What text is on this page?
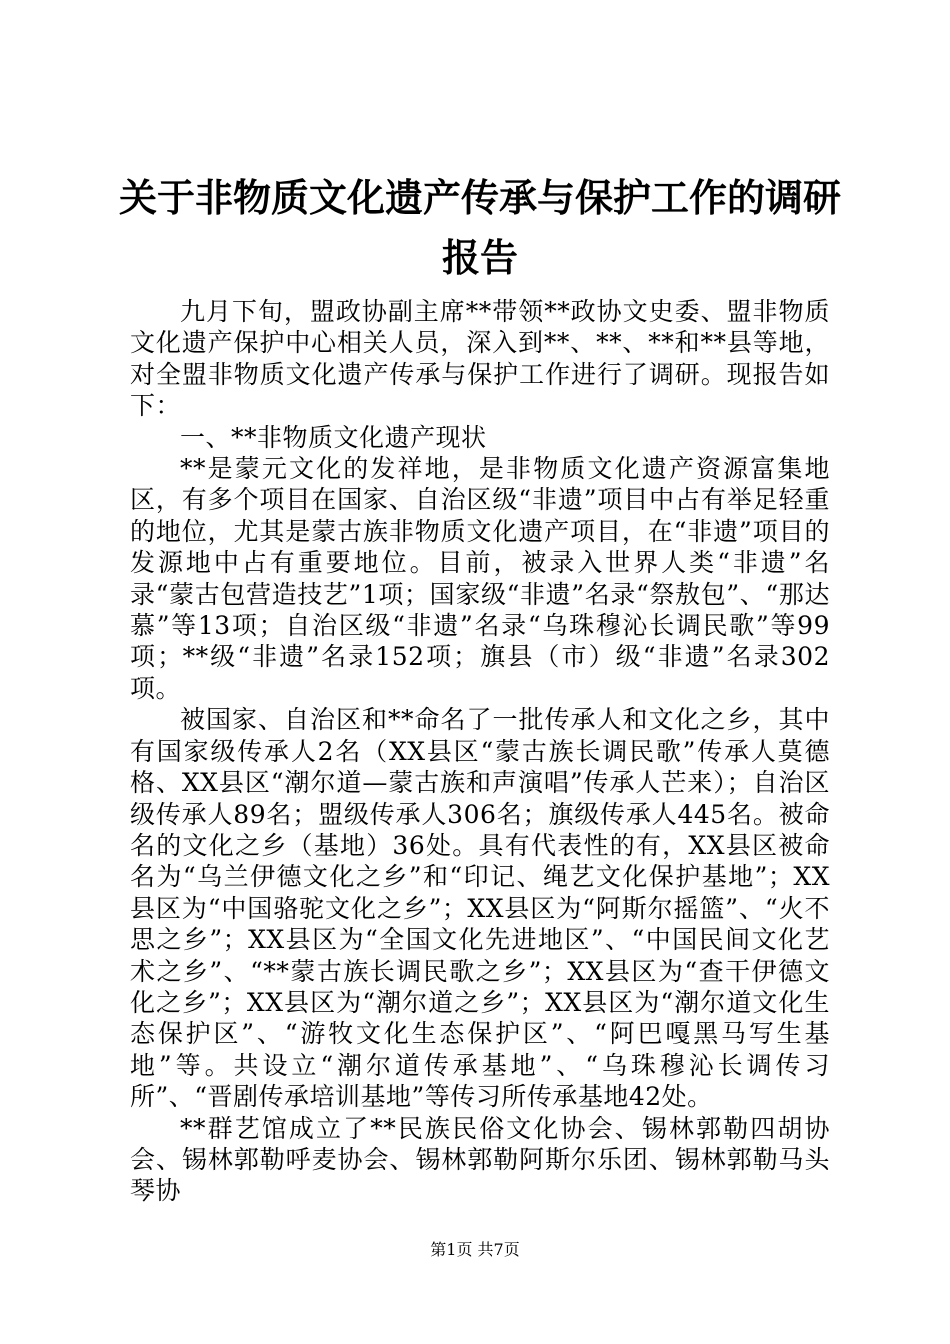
关于非物质文化遗产传承与保护工作的调研报告

九月下旬，盟政协副主席**带领**政协文史委、盟非物质文化遗产保护中心相关人员，深入到**、**、**和**县等地，对全盟非物质文化遗产传承与保护工作进行了调研。现报告如下：

一、**非物质文化遗产现状

**是蒙元文化的发祥地，是非物质文化遗产资源富集地区，有多个项目在国家、自治区级“非遗”项目中占有举足轻重的地位，尤其是蒙古族非物质文化遗产项目，在“非遗”项目的发源地中占有重要地位。目前，被录入世界人类“非遗”名录“蒙古包营造技艺”1项；国家级“非遗”名录“祭敖包”、“那达慕”等13项；自治区级“非遗”名录“乌珠穆沁长调民歌”等99项；**级“非遗”名录152项；旗县（市）级“非遗”名录302项。

被国家、自治区和**命名了一批传承人和文化之乡，其中有国家级传承人2名（XX县区“蒙古族长调民歌”传承人莫德格、XX县区“潮尔道—蒙古族和声演唱”传承人芒来）；自治区级传承人89名；盟级传承人306名；旗级传承人445名。被命名的文化之乡（基地）36处。具有代表性的有，XX县区被命名为“乌兰伊德文化之乡”和“印记、绳艺文化保护基地”；XX县区为“中国骆驼文化之乡”；XX县区为“阿斯尔摇篮”、“火不思之乡”；XX县区为“全国文化先进地区”、“中国民间文化艺术之乡”、“**蒙古族长调民歌之乡”；XX县区为“查干伊德文化之乡”；XX县区为“潮尔道之乡”；XX县区为“潮尔道文化生态保护区”、“游牧文化生态保护区”、“阿巴嘎黑马写生基地”等。共设立“潮尔道传承基地”、“乌珠穆沁长调传习所”、“晋剧传承培训基地”等传习所传承基地42处。

**群艺馆成立了**民族民俗文化协会、锡林郭勒四胡协会、锡林郭勒呼麦协会、锡林郭勒阿斯尔乐团、锡林郭勒马头琴协

第1页 共7页
